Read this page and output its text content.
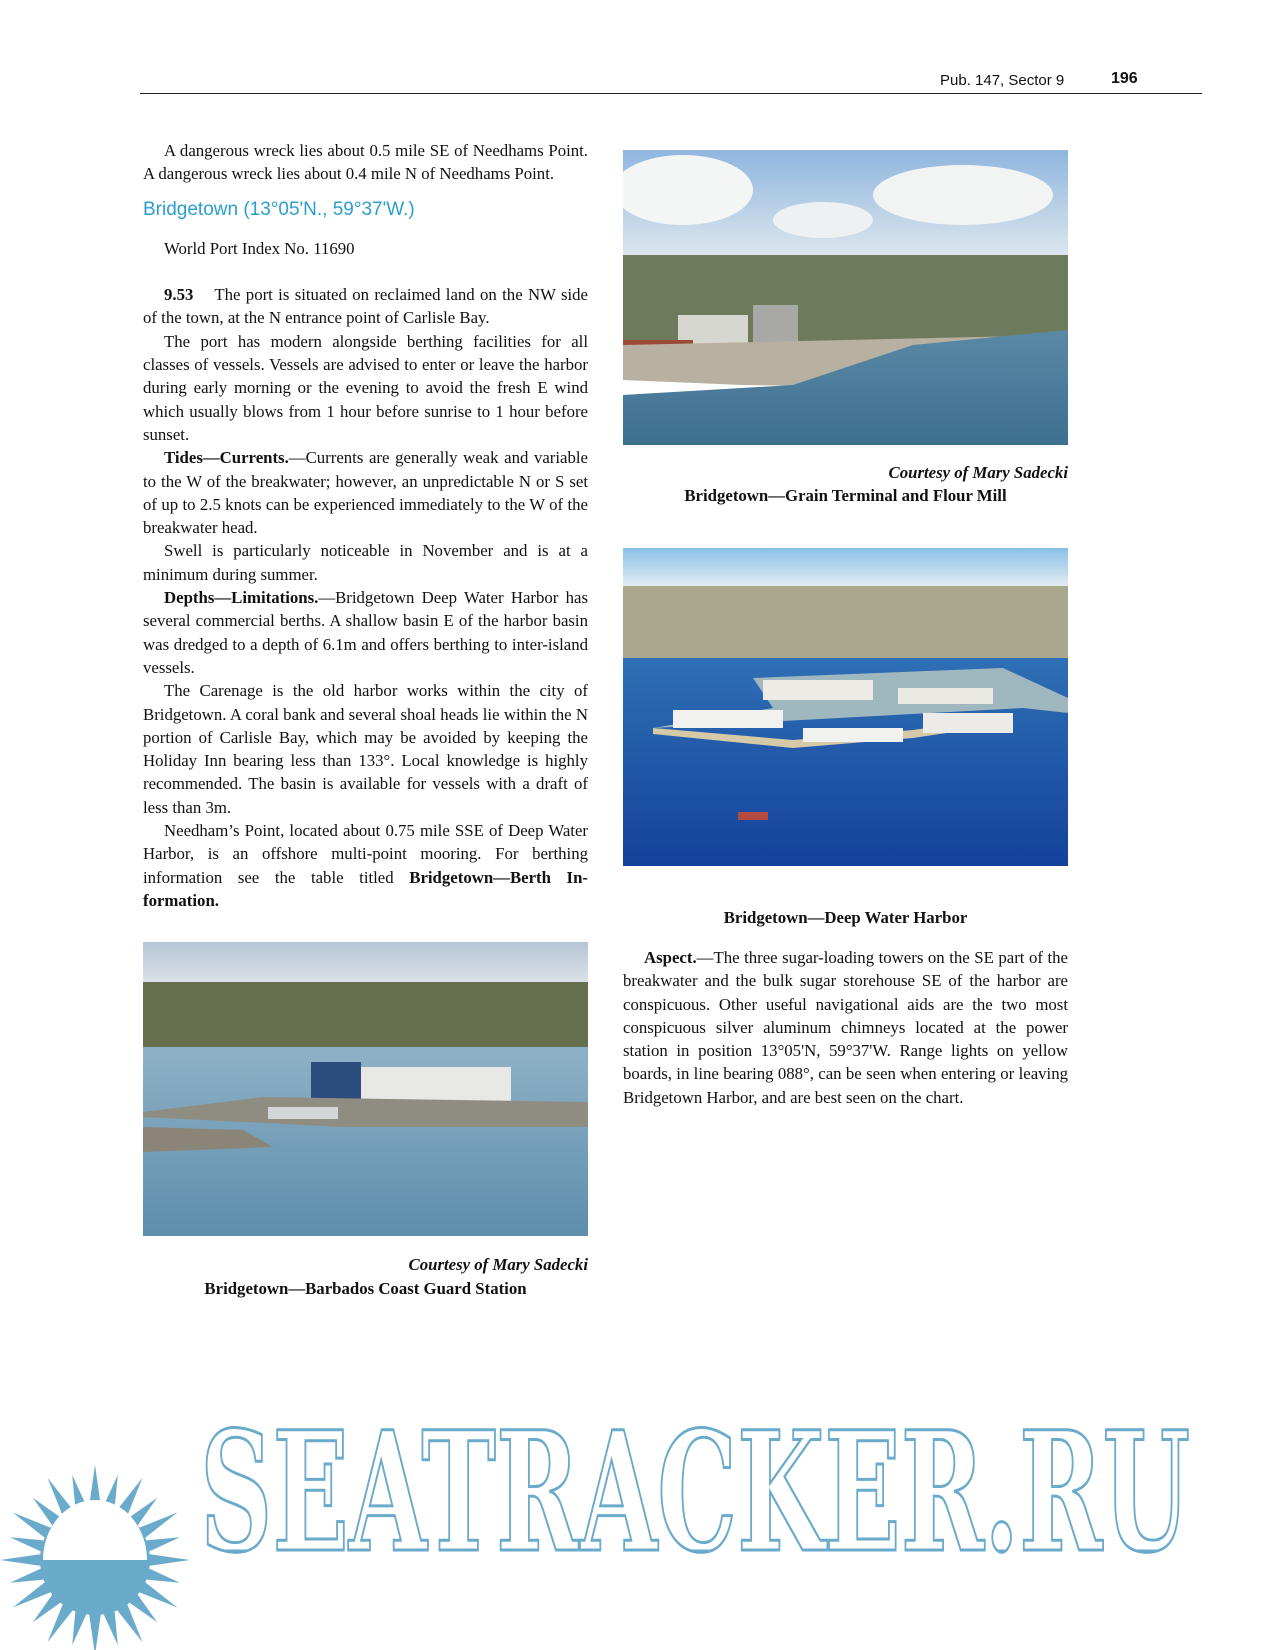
Pub. 147, Sector 9	196

A dangerous wreck lies about 0.5 mile SE of Needhams Point. A dangerous wreck lies about 0.4 mile N of Needhams Point.

Bridgetown (13°05'N., 59°37'W.)

World Port Index No. 11690

9.53 The port is situated on reclaimed land on the NW side of the town, at the N entrance point of Carlisle Bay.

The port has modern alongside berthing facilities for all classes of vessels. Vessels are advised to enter or leave the harbor during early morning or the evening to avoid the fresh E wind which usually blows from 1 hour before sunrise to 1 hour before sunset.

Tides—Currents.—Currents are generally weak and variable to the W of the breakwater; however, an unpredictable N or S set of up to 2.5 knots can be experienced immediately to the W of the breakwater head.

Swell is particularly noticeable in November and is at a minimum during summer.

Depths—Limitations.—Bridgetown Deep Water Harbor has several commercial berths. A shallow basin E of the harbor basin was dredged to a depth of 6.1m and offers berthing to inter-island vessels.

The Carenage is the old harbor works within the city of Bridgetown. A coral bank and several shoal heads lie within the N portion of Carlisle Bay, which may be avoided by keeping the Holiday Inn bearing less than 133°. Local knowledge is highly recommended. The basin is available for vessels with a draft of less than 3m.

Needham’s Point, located about 0.75 mile SSE of Deep Water Harbor, is an offshore multi-point mooring. For berthing information see the table titled Bridgetown—Berth Information.

Courtesy of Mary Sadecki
Bridgetown—Barbados Coast Guard Station
Courtesy of Mary Sadecki
Bridgetown—Grain Terminal and Flour Mill
Bridgetown—Deep Water Harbor

Aspect.—The three sugar-loading towers on the SE part of the breakwater and the bulk sugar storehouse SE of the harbor are conspicuous. Other useful navigational aids are the two most conspicuous silver aluminum chimneys located at the power station in position 13°05'N, 59°37'W. Range lights on yellow boards, in line bearing 088°, can be seen when entering or leaving Bridgetown Harbor, and are best seen on the chart.

SEATRACKER.RU
